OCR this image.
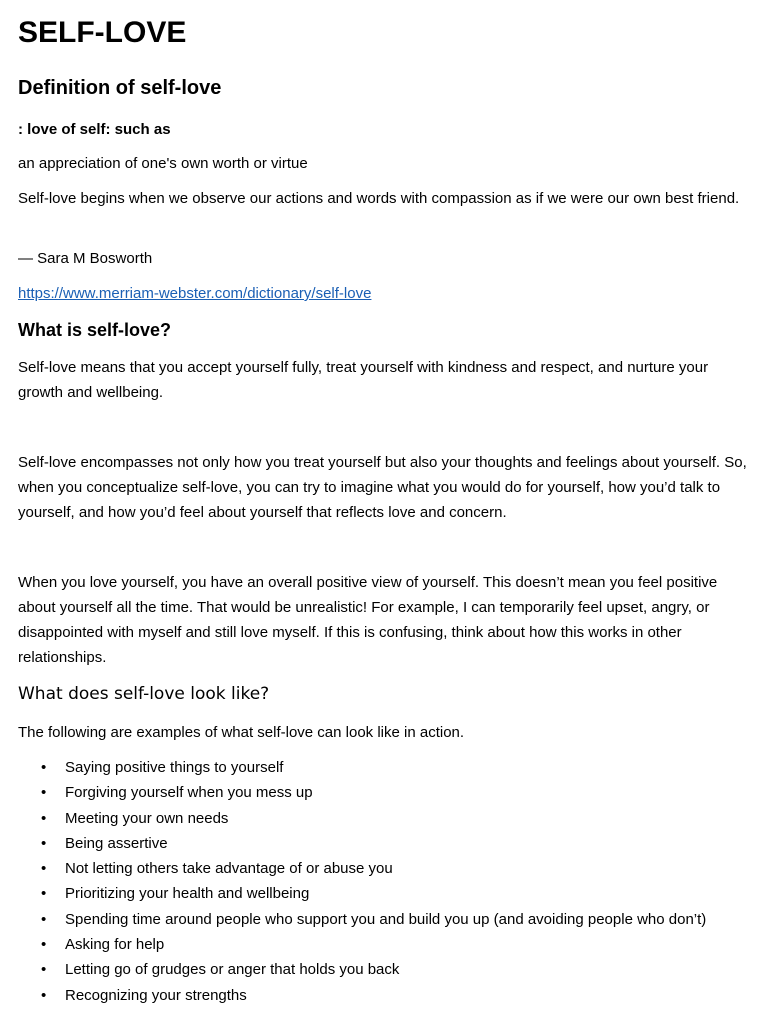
SELF-LOVE
Definition of self-love

: love of self: such as

an appreciation of one's own worth or virtue

Self-love begins when we observe our actions and words with compassion as if we were our own best friend.

— Sara M Bosworth

https://www.merriam-webster.com/dictionary/self-love
What is self-love?

Self-love means that you accept yourself fully, treat yourself with kindness and respect, and nurture your growth and wellbeing.

Self-love encompasses not only how you treat yourself but also your thoughts and feelings about yourself. So, when you conceptualize self-love, you can try to imagine what you would do for yourself, how you’d talk to yourself, and how you’d feel about yourself that reflects love and concern.

When you love yourself, you have an overall positive view of yourself. This doesn’t mean you feel positive about yourself all the time. That would be unrealistic! For example, I can temporarily feel upset, angry, or disappointed with myself and still love myself. If this is confusing, think about how this works in other relationships.

What does self-love look like?

The following are examples of what self-love can look like in action.

• Saying positive things to yourself
• Forgiving yourself when you mess up
• Meeting your own needs
• Being assertive
• Not letting others take advantage of or abuse you
• Prioritizing your health and wellbeing
• Spending time around people who support you and build you up (and avoiding people who don’t)
• Asking for help
• Letting go of grudges or anger that holds you back
• Recognizing your strengths
